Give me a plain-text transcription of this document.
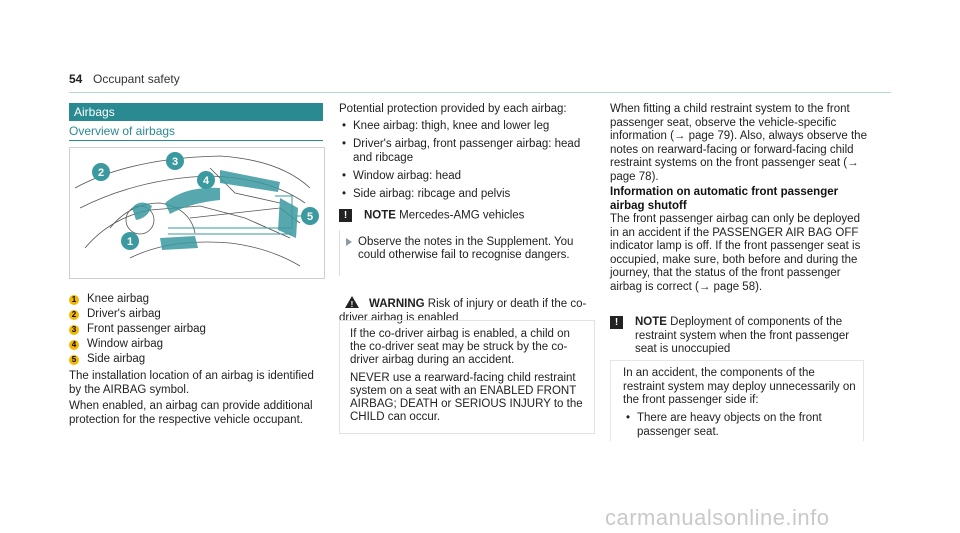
54 Occupant safety
Airbags
Overview of airbags
1
2
3
4
5
1 Knee airbag
2 Driver's airbag
3 Front passenger airbag
4 Window airbag
5 Side airbag

The installation location of an airbag is identified by the AIRBAG symbol.

When enabled, an airbag can provide additional protection for the respective vehicle occupant.

Potential protection provided by each airbag:

• Knee airbag: thigh, knee and lower leg
• Driver's airbag, front passenger airbag: head and ribcage
• Window airbag: head
• Side airbag: ribcage and pelvis
! NOTE Mercedes-AMG vehicles
Observe the notes in the Supplement. You could otherwise fail to recognise dangers.
! WARNING Risk of injury or death if the co-driver airbag is enabled

If the co-driver airbag is enabled, a child on the co-driver seat may be struck by the co-driver airbag during an accident.

NEVER use a rearward-facing child restraint system on a seat with an ENABLED FRONT AIRBAG; DEATH or SERIOUS INJURY to the CHILD can occur.

When fitting a child restraint system to the front passenger seat, observe the vehicle-specific information (→ page 79). Also, always observe the notes on rearward-facing or forward-facing child restraint systems on the front passenger seat (→ page 78).

Information on automatic front passenger airbag shutoff

The front passenger airbag can only be deployed in an accident if the PASSENGER AIR BAG OFF indicator lamp is off. If the front passenger seat is occupied, make sure, both before and during the journey, that the status of the front passenger airbag is correct (→ page 58).

!	NOTE Deployment of components of the restraint system when the front passenger seat is unoccupied

In an accident, the components of the restraint system may deploy unnecessarily on the front passenger side if:

• There are heavy objects on the front passenger seat.
carmanualsonline.info
